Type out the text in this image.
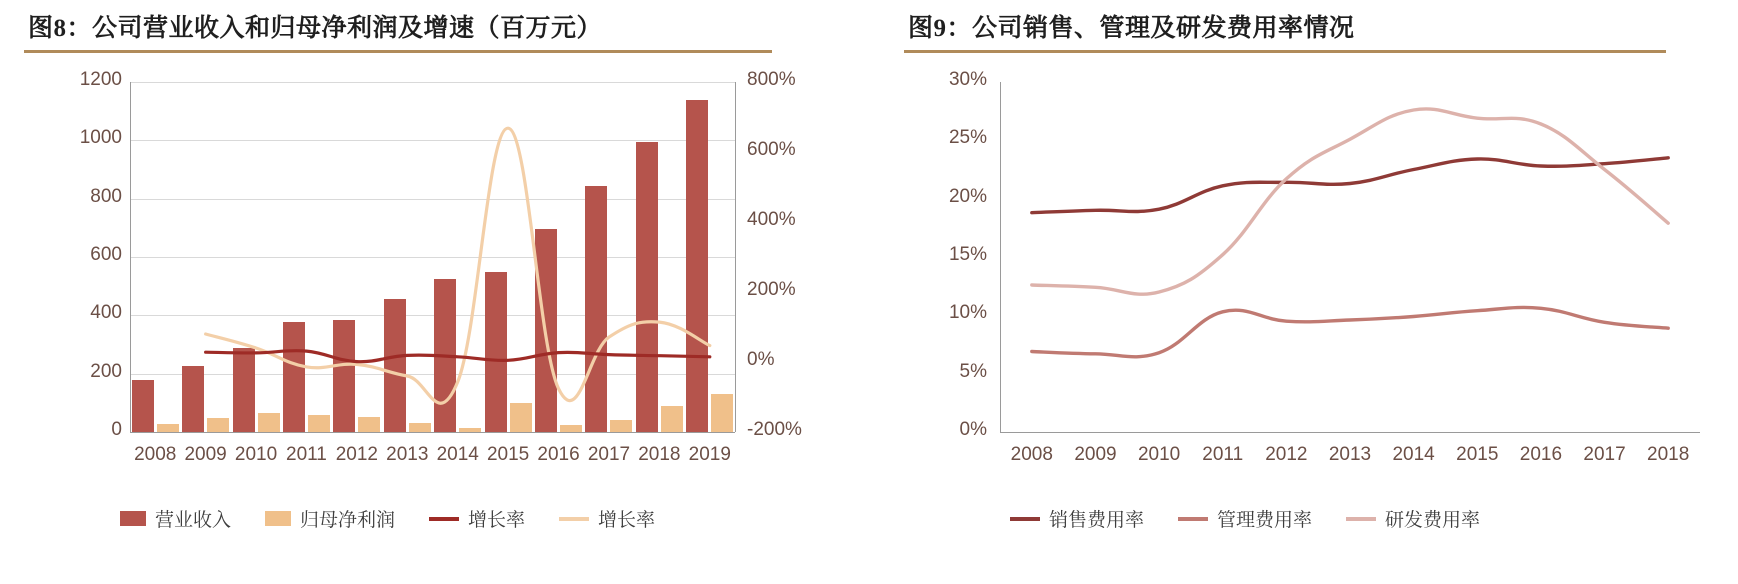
图8：公司营业收入和归母净利润及增速（百万元）
0
200
400
600
800
1000
1200
-200%
0%
200%
400%
600%
800%
2008 2009 2010 2011 2012 2013 2014 2015 2016 2017 2018 2019
营业收入	归母净利润	增长率	增长率
图9：公司销售、管理及研发费用率情况
0%
5%
10%
15%
20%
25%
30%
2008	2009	2010	2011	2012	2013	2014	2015	2016	2017	2018
销售费用率	管理费用率	研发费用率
